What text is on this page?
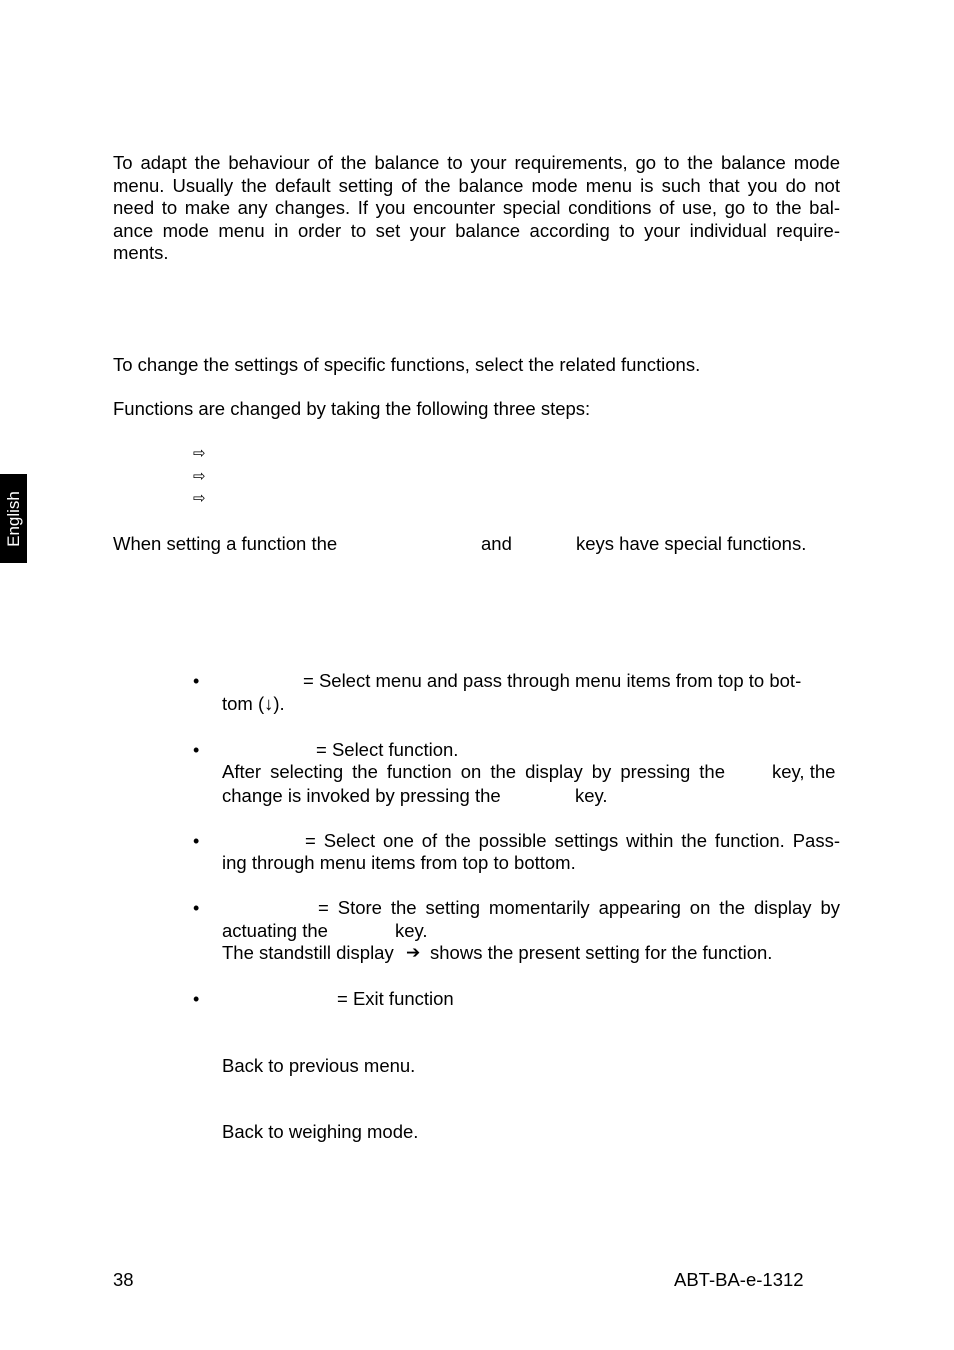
English
To adapt the behaviour of the balance to your requirements, go to the balance mode
menu. Usually the default setting of the balance mode menu is such that you do not
need to make any changes. If you encounter special conditions of use, go to the bal-
ance mode menu in order to set your balance according to your individual require-
ments.
To change the settings of specific functions, select the related functions.
Functions are changed by taking the following three steps:
⇨
⇨
⇨
When setting a function the	and	keys have special functions.
•	= Select menu and pass through menu items from top to bot-
tom (↓).
•	= Select function.
After selecting the function on the display by pressing the	key, the
change is invoked by pressing the	key.
•	= Select one of the possible settings within the function. Pass-
ing through menu items from top to bottom.
•	= Store the setting momentarily appearing on the display by
actuating the	key.
The standstill display ➔ shows the present setting for the function.
•	= Exit function
Back to previous menu.
Back to weighing mode.
38	ABT-BA-e-1312
